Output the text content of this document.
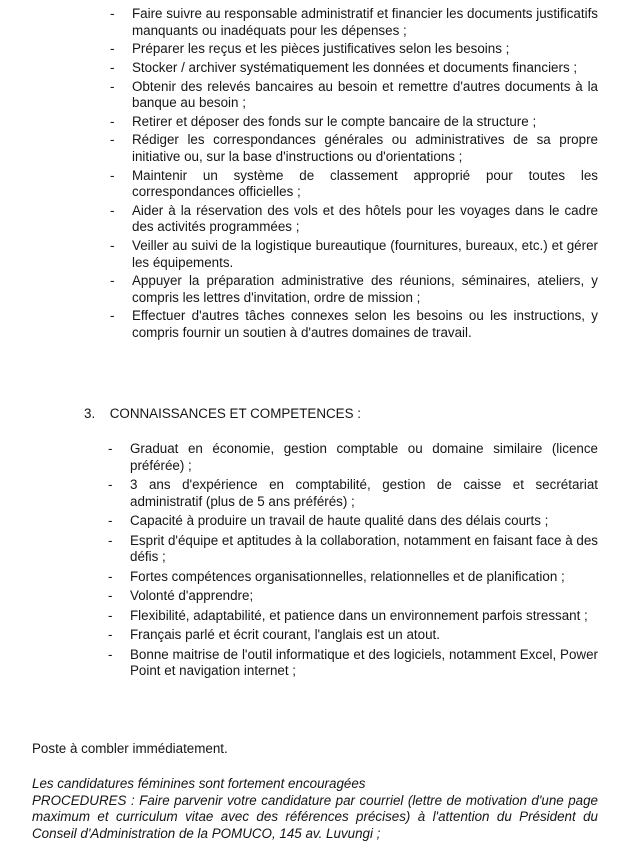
- Faire suivre au responsable administratif et financier les documents justificatifs manquants ou inadéquats pour les dépenses ;
- Préparer les reçus et les pièces justificatives selon les besoins ;
- Stocker / archiver systématiquement les données et documents financiers ;
- Obtenir des relevés bancaires au besoin et remettre d'autres documents à la banque au besoin ;
- Retirer et déposer des fonds sur le compte bancaire de la structure ;
- Rédiger les correspondances générales ou administratives de sa propre initiative ou, sur la base d'instructions ou d'orientations ;
- Maintenir un système de classement approprié pour toutes les correspondances officielles ;
- Aider à la réservation des vols et des hôtels pour les voyages dans le cadre des activités programmées ;
- Veiller au suivi de la logistique bureautique (fournitures, bureaux, etc.) et gérer les équipements.
- Appuyer la préparation administrative des réunions, séminaires, ateliers, y compris les lettres d'invitation, ordre de mission ;
- Effectuer d'autres tâches connexes selon les besoins ou les instructions, y compris fournir un soutien à d'autres domaines de travail.
3. CONNAISSANCES ET COMPETENCES :
- Graduat en économie, gestion comptable ou domaine similaire (licence préférée) ;
- 3 ans d'expérience en comptabilité, gestion de caisse et secrétariat administratif (plus de 5 ans préférés) ;
- Capacité à produire un travail de haute qualité dans des délais courts ;
- Esprit d'équipe et aptitudes à la collaboration, notamment en faisant face à des défis ;
- Fortes compétences organisationnelles, relationnelles et de planification ;
- Volonté d'apprendre;
- Flexibilité, adaptabilité, et patience dans un environnement parfois stressant ;
- Français parlé et écrit courant, l'anglais est un atout.
- Bonne maitrise de l'outil informatique et des logiciels, notamment Excel, Power Point et navigation internet ;
Poste à combler immédiatement.

Les candidatures féminines sont fortement encouragées

PROCEDURES : Faire parvenir votre candidature par courriel (lettre de motivation d'une page maximum et curriculum vitae avec des références précises) à l'attention du Président du Conseil d'Administration de la POMUCO, 145 av. Luvungi ;
